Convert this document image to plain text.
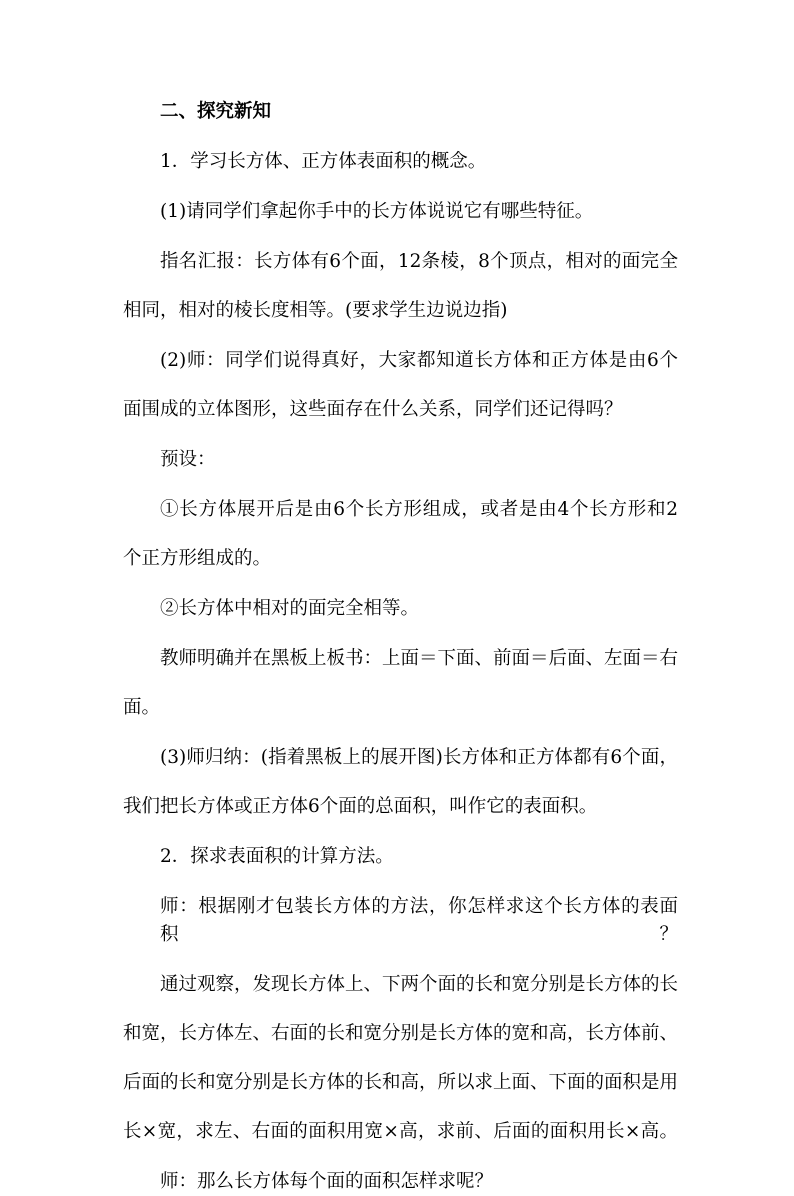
二、探究新知

1．学习长方体、正方体表面积的概念。

(1)请同学们拿起你手中的长方体说说它有哪些特征。

指名汇报：长方体有6个面，12条棱，8个顶点，相对的面完全

相同，相对的棱长度相等。(要求学生边说边指)

(2)师：同学们说得真好，大家都知道长方体和正方体是由6个

面围成的立体图形，这些面存在什么关系，同学们还记得吗？

预设：

①长方体展开后是由6个长方形组成，或者是由4个长方形和2

个正方形组成的。

②长方体中相对的面完全相等。

教师明确并在黑板上板书：上面＝下面、前面＝后面、左面＝右

面。

(3)师归纳：(指着黑板上的展开图)长方体和正方体都有6个面，

我们把长方体或正方体6个面的总面积，叫作它的表面积。

2．探求表面积的计算方法。

师：根据刚才包装长方体的方法，你怎样求这个长方体的表面积？

通过观察，发现长方体上、下两个面的长和宽分别是长方体的长

和宽，长方体左、右面的长和宽分别是长方体的宽和高，长方体前、

后面的长和宽分别是长方体的长和高，所以求上面、下面的面积是用

长×宽，求左、右面的面积用宽×高，求前、后面的面积用长×高。

师：那么长方体每个面的面积怎样求呢？
